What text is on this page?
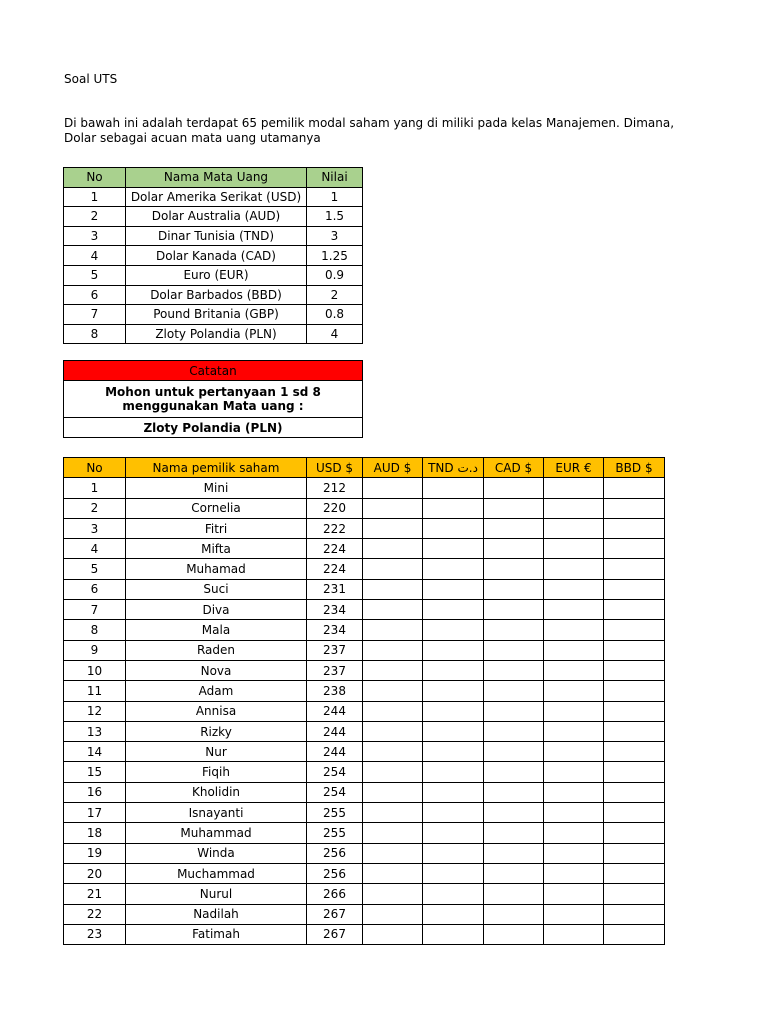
Soal UTS
Di bawah ini adalah terdapat 65 pemilik modal saham yang di miliki pada kelas Manajemen. Dimana, Dolar sebagai acuan mata uang utamanya
No	Nama Mata Uang	Nilai
1	Dolar Amerika Serikat (USD)	1
2	Dolar Australia (AUD)	1.5
3	Dinar Tunisia (TND)	3
4	Dolar Kanada (CAD)	1.25
5	Euro (EUR)	0.9
6	Dolar Barbados (BBD)	2
7	Pound Britania (GBP)	0.8
8	Zloty Polandia (PLN)	4
Catatan
Mohon untuk pertanyaan 1 sd 8 menggunakan Mata uang :
Zloty Polandia (PLN)
No	Nama pemilik saham	USD $	AUD $	TND د.ت	CAD $	EUR €	BBD $
1	Mini	212					
2	Cornelia	220					
3	Fitri	222					
4	Mifta	224					
5	Muhamad	224					
6	Suci	231					
7	Diva	234					
8	Mala	234					
9	Raden	237					
10	Nova	237					
11	Adam	238					
12	Annisa	244					
13	Rizky	244					
14	Nur	244					
15	Fiqih	254					
16	Kholidin	254					
17	Isnayanti	255					
18	Muhammad	255					
19	Winda	256					
20	Muchammad	256					
21	Nurul	266					
22	Nadilah	267					
23	Fatimah	267					
